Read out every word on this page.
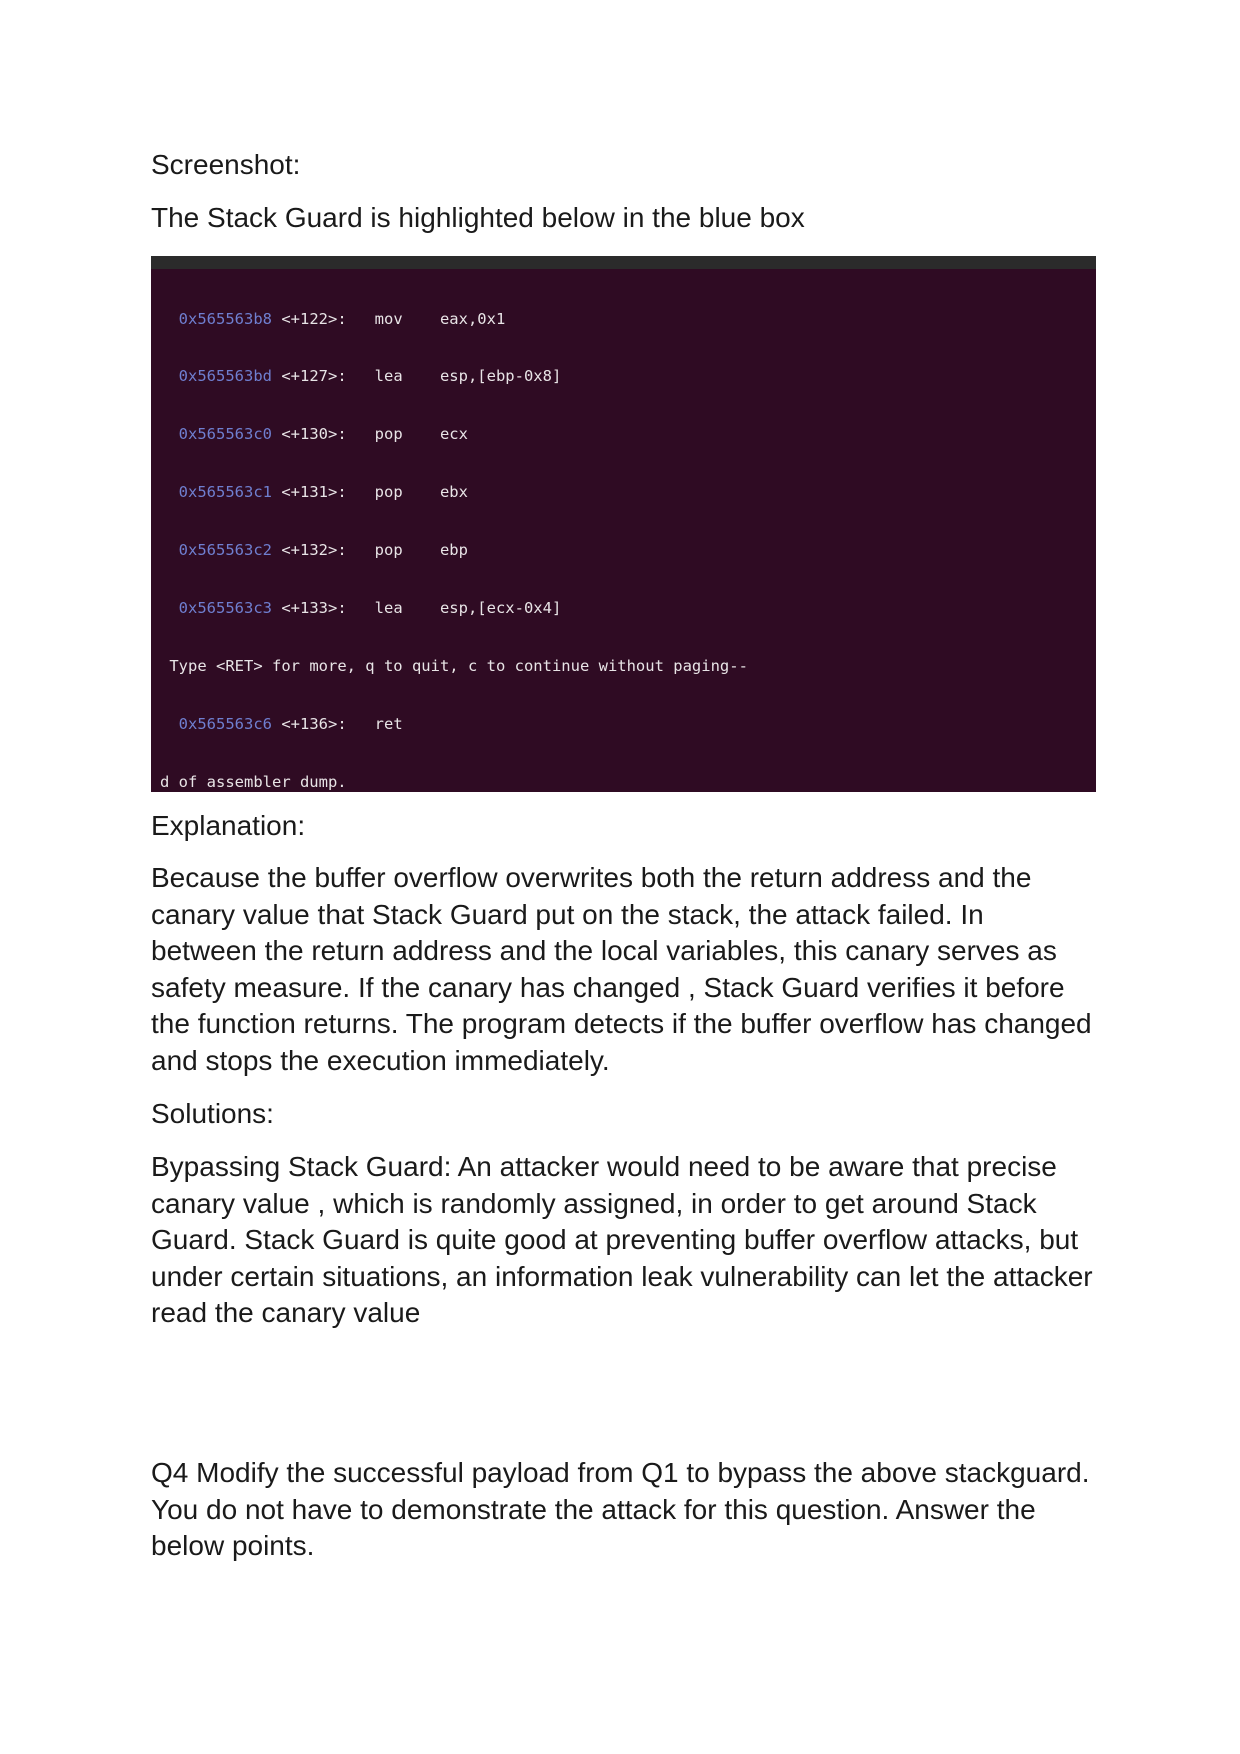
Screenshot:

The Stack Guard is highlighted below in the blue box

Explanation:

Because the buffer overflow overwrites both the return address and the canary value that Stack Guard put on the stack, the attack failed. In between the return address and the local variables, this canary serves as safety measure. If the canary has changed , Stack Guard verifies it before the function returns. The program detects if the buffer overflow has changed and stops the execution immediately.

Solutions:

Bypassing Stack Guard: An attacker would need to be aware that precise canary value , which is randomly assigned, in order to get around Stack Guard. Stack Guard is quite good at preventing buffer overflow attacks, but under certain situations, an information leak vulnerability can let the attacker read the canary value

Q4 Modify the successful payload from Q1 to bypass the above stackguard. You do not have to demonstrate the attack for this question. Answer the below points.

0x565563b8 <+122>:   mov    eax,0x1

0x565563bd <+127>:   lea    esp,[ebp-0x8]

0x565563c0 <+130>:   pop    ecx

0x565563c1 <+131>:   pop    ebx

0x565563c2 <+132>:   pop    ebp

0x565563c3 <+133>:   lea    esp,[ecx-0x4]

Type <RET> for more, q to quit, c to continue without paging--

0x565563c6 <+136>:   ret

d of assembler dump.
